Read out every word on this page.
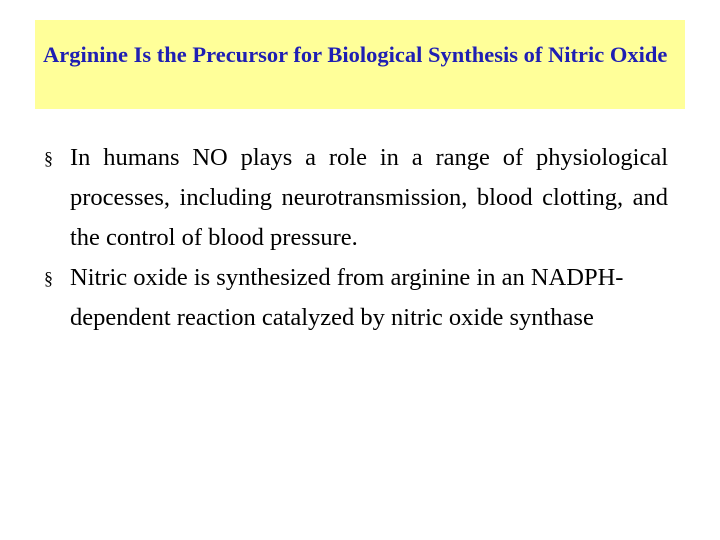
Arginine Is the Precursor for Biological Synthesis of Nitric Oxide
§ In humans NO plays a role in a range of physiological processes, including neurotransmission, blood clotting, and the control of blood pressure.
§ Nitric oxide is synthesized from arginine in an NADPH-dependent reaction catalyzed by nitric oxide synthase
